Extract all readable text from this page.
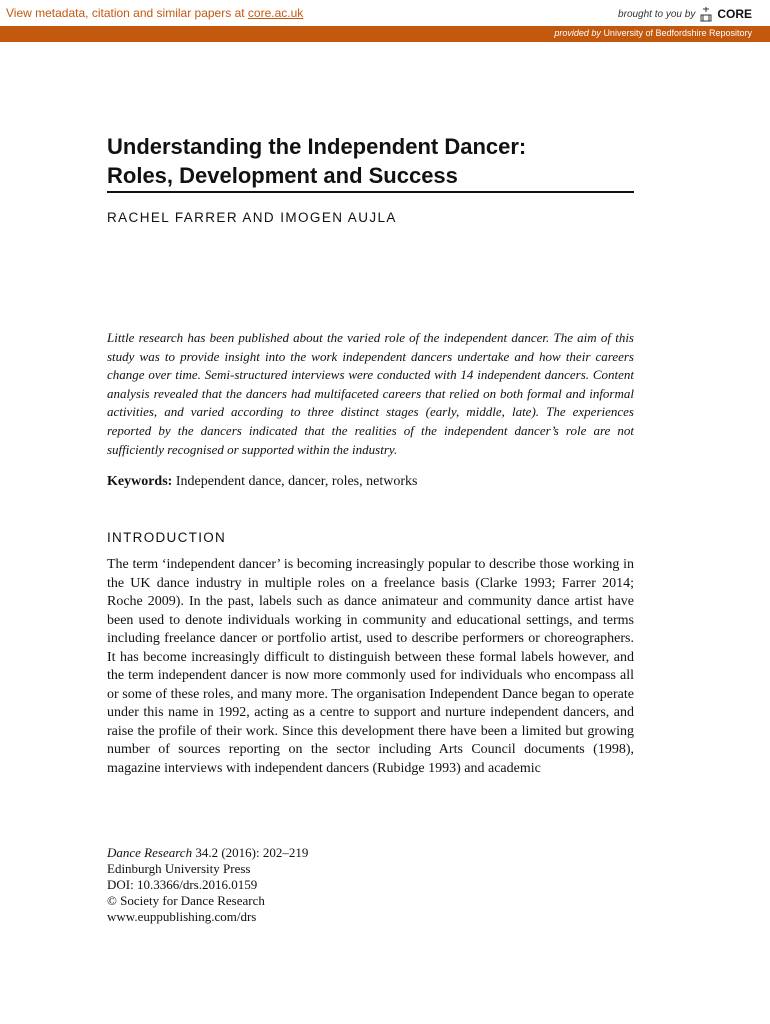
View metadata, citation and similar papers at core.ac.uk	brought to you by CORE
provided by University of Bedfordshire Repository
Understanding the Independent Dancer:
Roles, Development and Success
RACHEL FARRER AND IMOGEN AUJLA

Little research has been published about the varied role of the independent dancer. The aim of this study was to provide insight into the work independent dancers undertake and how their careers change over time. Semi-structured interviews were conducted with 14 independent dancers. Content analysis revealed that the dancers had multifaceted careers that relied on both formal and informal activities, and varied according to three distinct stages (early, middle, late). The experiences reported by the dancers indicated that the realities of the independent dancer’s role are not sufficiently recognised or supported within the industry.

Keywords: Independent dance, dancer, roles, networks
INTRODUCTION

The term ‘independent dancer’ is becoming increasingly popular to describe those working in the UK dance industry in multiple roles on a freelance basis (Clarke 1993; Farrer 2014; Roche 2009). In the past, labels such as dance animateur and community dance artist have been used to denote individuals working in community and educational settings, and terms including freelance dancer or portfolio artist, used to describe performers or choreographers. It has become increasingly difficult to distinguish between these formal labels however, and the term independent dancer is now more commonly used for individuals who encompass all or some of these roles, and many more. The organisation Independent Dance began to operate under this name in 1992, acting as a centre to support and nurture independent dancers, and raise the profile of their work. Since this development there have been a limited but growing number of sources reporting on the sector including Arts Council documents (1998), magazine interviews with independent dancers (Rubidge 1993) and academic

Dance Research 34.2 (2016): 202–219
Edinburgh University Press
DOI: 10.3366/drs.2016.0159
© Society for Dance Research
www.euppublishing.com/drs
